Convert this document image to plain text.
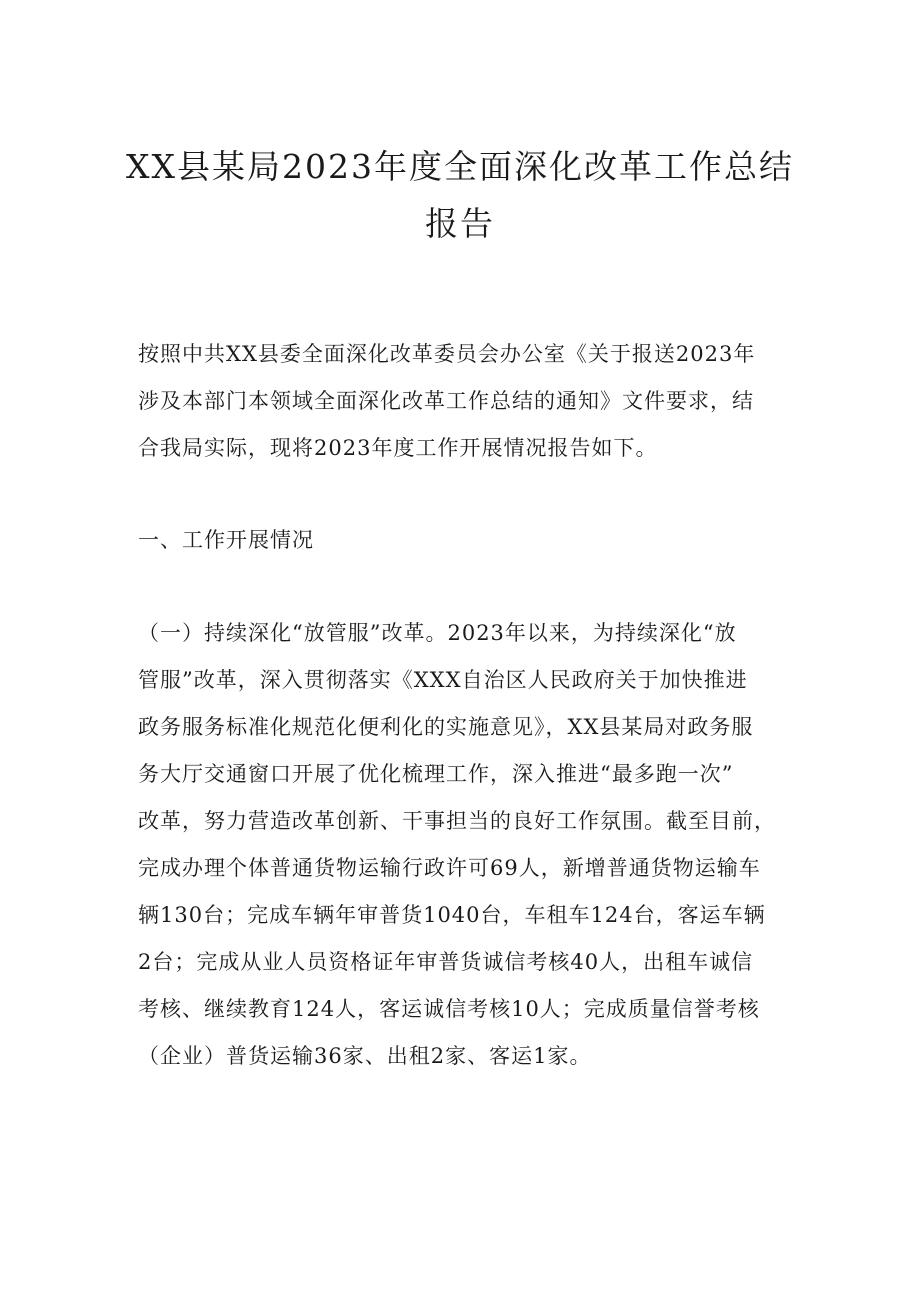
XX县某局2023年度全面深化改革工作总结
报告

按照中共XX县委全面深化改革委员会办公室《关于报送2023年
涉及本部门本领域全面深化改革工作总结的通知》文件要求，结
合我局实际，现将2023年度工作开展情况报告如下。

一、工作开展情况

（一）持续深化“放管服”改革。2023年以来，为持续深化“放
管服”改革，深入贯彻落实《XXX自治区人民政府关于加快推进
政务服务标准化规范化便利化的实施意见》，XX县某局对政务服
务大厅交通窗口开展了优化梳理工作，深入推进“最多跑一次”
改革，努力营造改革创新、干事担当的良好工作氛围。截至目前，
完成办理个体普通货物运输行政许可69人，新增普通货物运输车
辆130台；完成车辆年审普货1040台，车租车124台，客运车辆
2台；完成从业人员资格证年审普货诚信考核40人，出租车诚信
考核、继续教育124人，客运诚信考核10人；完成质量信誉考核
（企业）普货运输36家、出租2家、客运1家。
